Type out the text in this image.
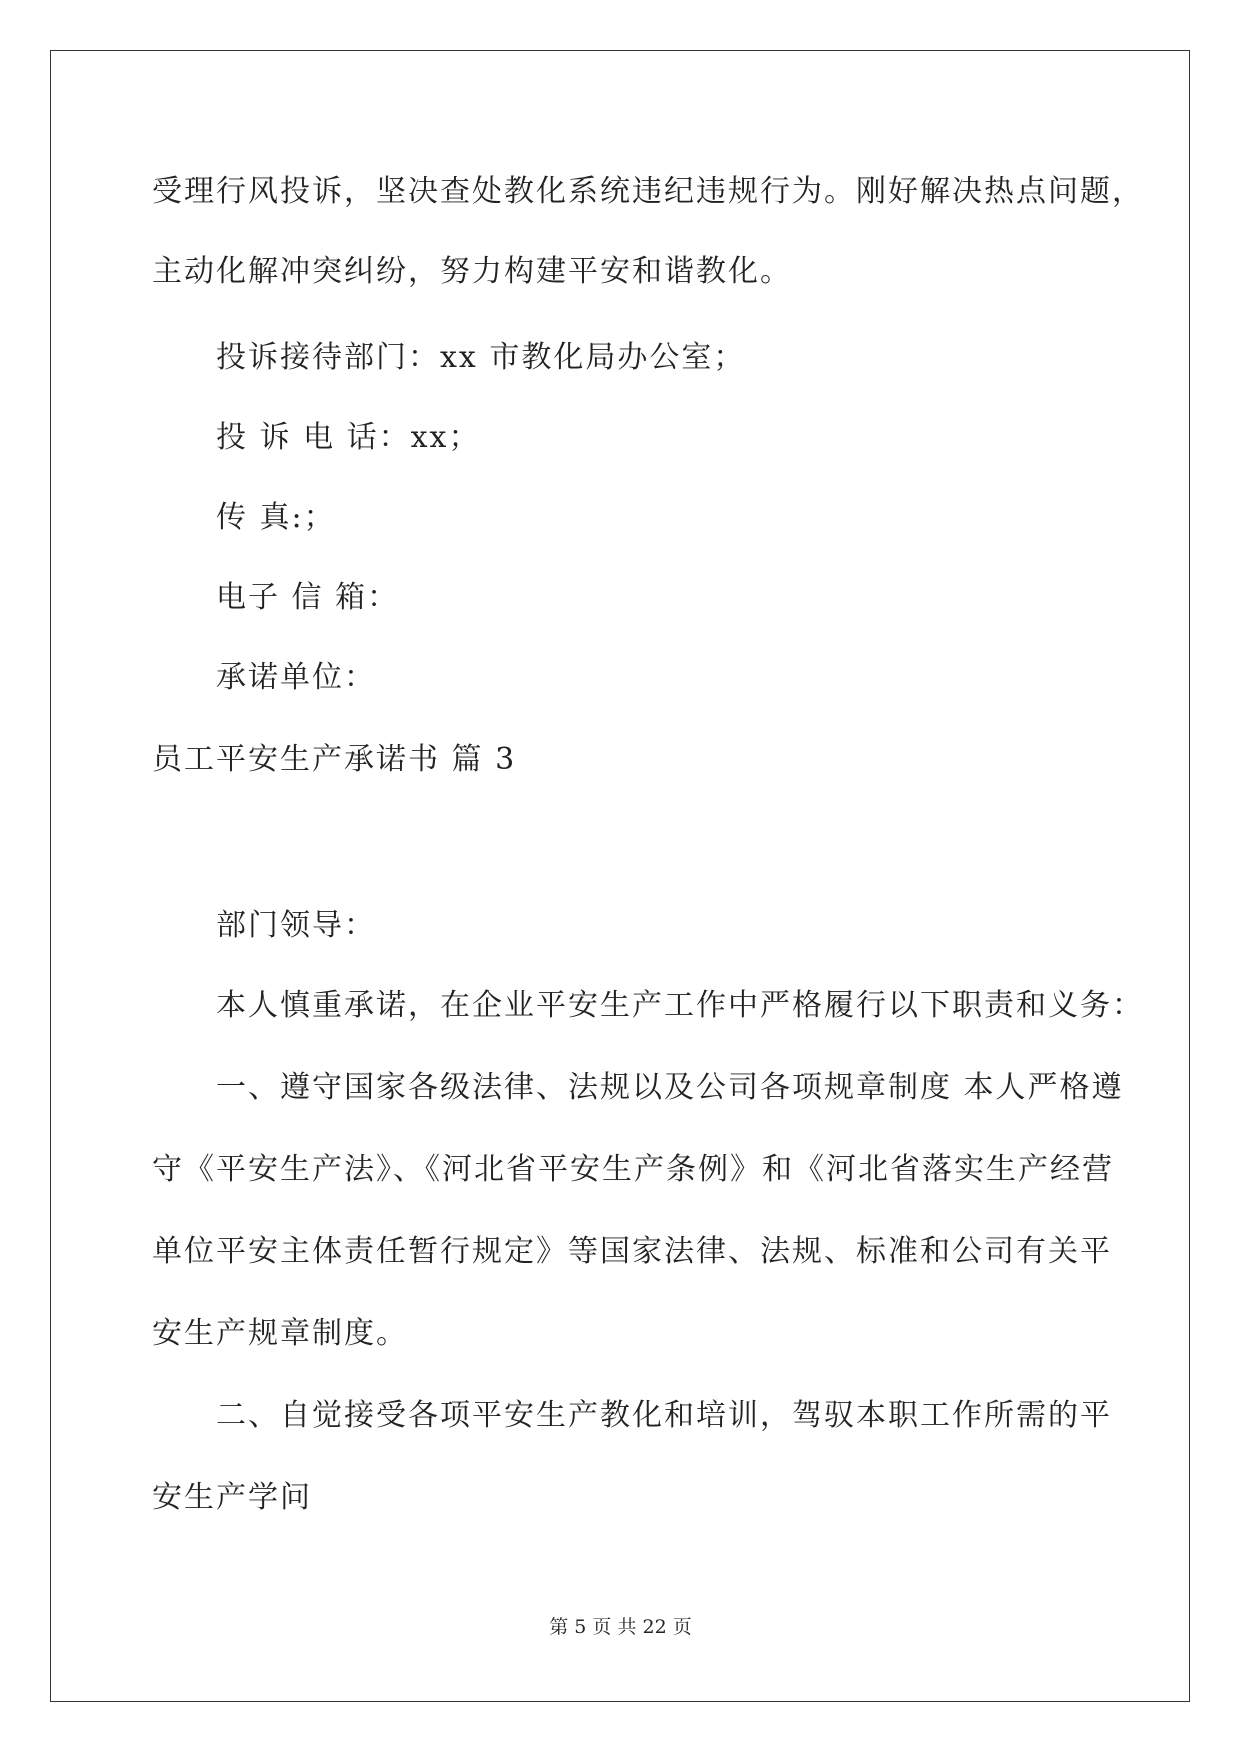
受理行风投诉，坚决查处教化系统违纪违规行为。刚好解决热点问题，
主动化解冲突纠纷，努力构建平安和谐教化。
投诉接待部门：xx 市教化局办公室；
投 诉 电 话：xx；
传 真:；
电子 信 箱：
承诺单位：
员工平安生产承诺书 篇 3
部门领导：
本人慎重承诺，在企业平安生产工作中严格履行以下职责和义务：
一、遵守国家各级法律、法规以及公司各项规章制度 本人严格遵
守《平安生产法》、《河北省平安生产条例》和《河北省落实生产经营
单位平安主体责任暂行规定》等国家法律、法规、标准和公司有关平
安生产规章制度。
二、自觉接受各项平安生产教化和培训，驾驭本职工作所需的平
安生产学问
第 5 页 共 22 页
